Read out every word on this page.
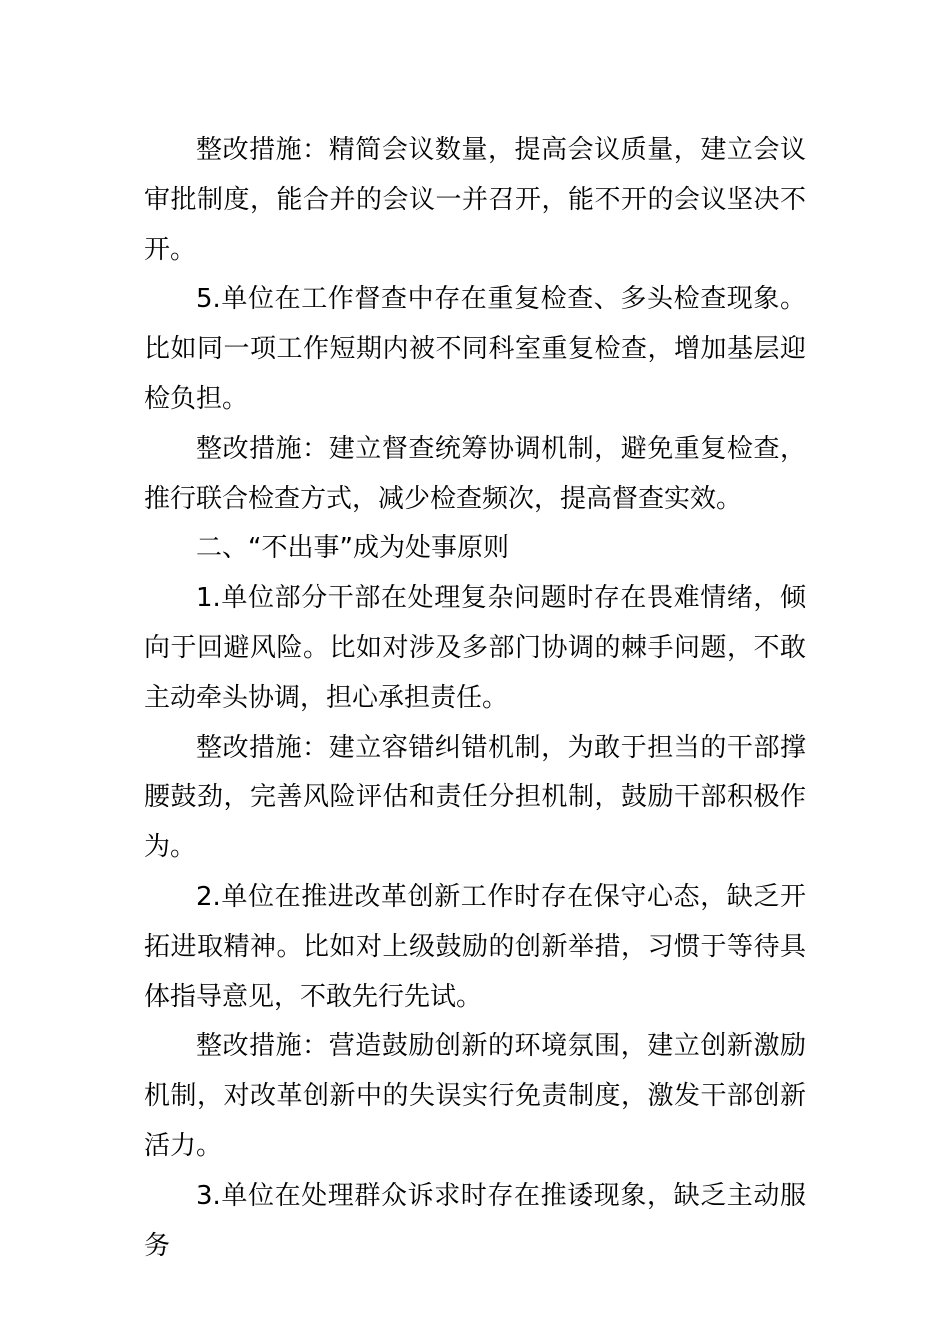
整改措施：精简会议数量，提高会议质量，建立会议审批制度，能合并的会议一并召开，能不开的会议坚决不开。

5.单位在工作督查中存在重复检查、多头检查现象。比如同一项工作短期内被不同科室重复检查，增加基层迎检负担。

整改措施：建立督查统筹协调机制，避免重复检查，推行联合检查方式，减少检查频次，提高督查实效。

二、“不出事”成为处事原则

1.单位部分干部在处理复杂问题时存在畏难情绪，倾向于回避风险。比如对涉及多部门协调的棘手问题，不敢主动牵头协调，担心承担责任。

整改措施：建立容错纠错机制，为敢于担当的干部撑腰鼓劲，完善风险评估和责任分担机制，鼓励干部积极作为。

2.单位在推进改革创新工作时存在保守心态，缺乏开拓进取精神。比如对上级鼓励的创新举措，习惯于等待具体指导意见，不敢先行先试。

整改措施：营造鼓励创新的环境氛围，建立创新激励机制，对改革创新中的失误实行免责制度，激发干部创新活力。

3.单位在处理群众诉求时存在推诿现象，缺乏主动服务
